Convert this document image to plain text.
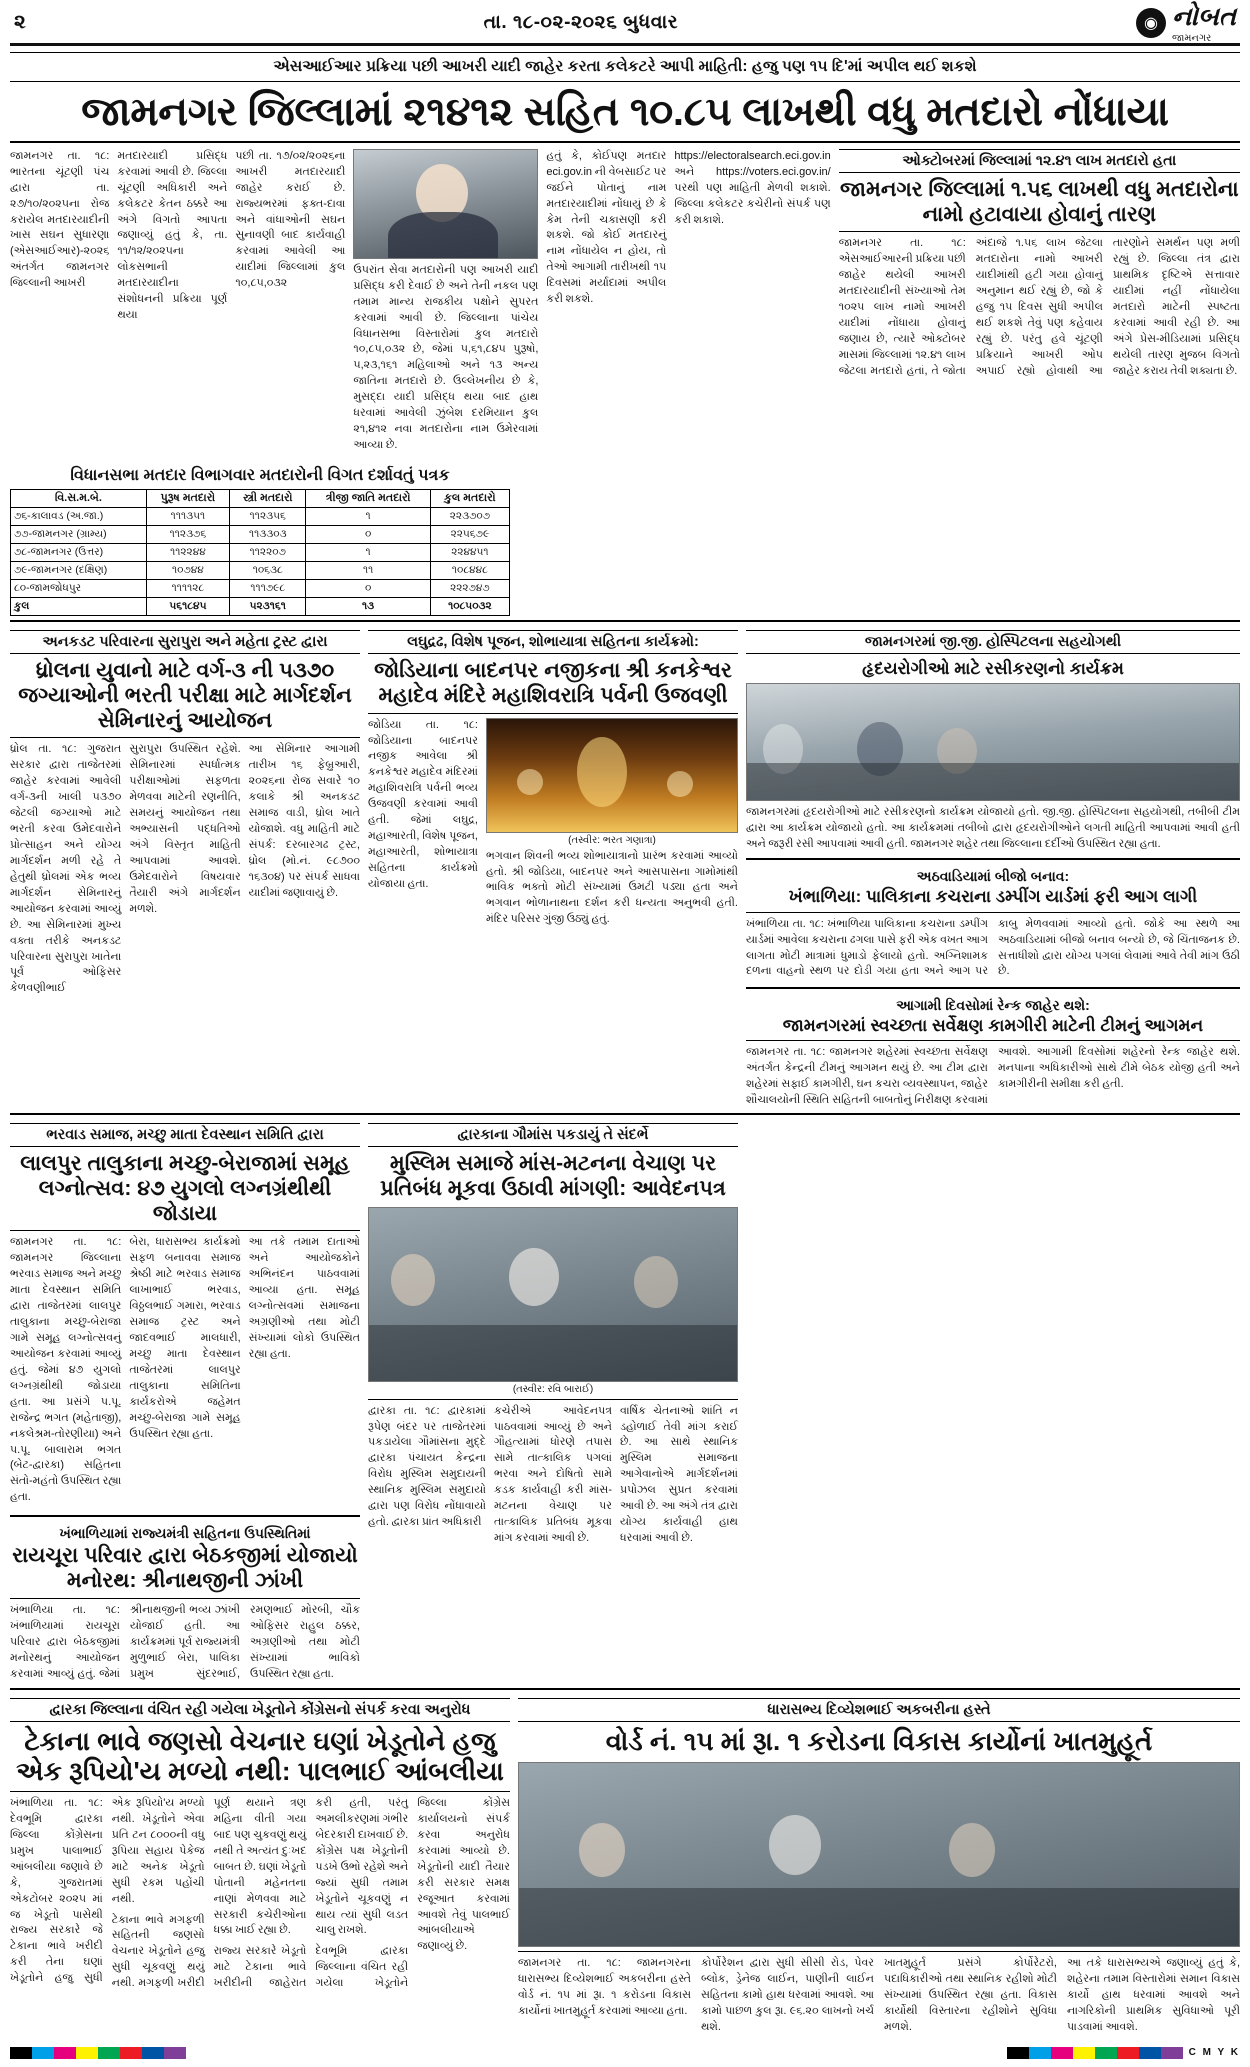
૨	તા. ૧૮-૦૨-૨૦૨૬ બુધવાર	◉ નોબત
જામનગર
એસઆઈઆર પ્રક્રિયા પછી આખરી યાદી જાહેર કરતા કલેકટરે આપી માહિતી: હજુ પણ ૧૫ દિ'માં અપીલ થઈ શકશે
જામનગર જિલ્લામાં ૨૧૪૧૨ સહિત ૧૦.૮૫ લાખથી વધુ મતદારો નોંધાયા

જામનગર તા. ૧૮: ભારતના ચૂંટણી પંચ દ્વારા તા. ૨૭/૧૦/૨૦૨૫ના રોજ કરાયેલ મતદારયાદીની ખાસ સઘન સુધારણા (એસઆઈઆર)-૨૦૨૬ અંતર્ગત જામનગર જિલ્લાની આખરી

મતદારયાદી પ્રસિદ્ધ કરવામાં આવી છે. જિલ્લા ચૂંટણી અધિકારી અને કલેકટર કેતન ઠક્કરે આ અંગે વિગતો આપતા જણાવ્યું હતું કે, તા. ૧૧/૧૨/૨૦૨૫ના લોકસભાની મતદારયાદીના સંશોધનની પ્રક્રિયા પૂર્ણ થયા

પછી તા. ૧૭/૦૨/૨૦૨૬ના આખરી મતદારયાદી જાહેર કરાઈ છે. રાજ્યભરમાં ફક્ત-દાવા અને વાંધાઓની સઘન સુનાવણી બાદ કાર્યવાહી કરવામાં આવેલી આ યાદીમાં જિલ્લામાં કુલ ૧૦,૮૫,૦૩૨

ઉપરાંત સેવા મતદારોની પણ આખરી યાદી પ્રસિદ્ધ કરી દેવાઈ છે અને તેની નકલ પણ તમામ માન્ય રાજકીય પક્ષોને સુપરત કરવામાં આવી છે. જિલ્લાના પાંચેય વિધાનસભા વિસ્તારોમાં કુલ મતદારો ૧૦,૮૫,૦૩૨ છે, જેમાં ૫,૬૧,૮૪૫ પુરૂષો, ૫,૨૩,૧૬૧ મહિલાઓ અને ૧૩ અન્ય જાતિના મતદારો છે. ઉલ્લેખનીય છે કે, મુસદ્દા યાદી પ્રસિદ્ધ થયા બાદ હાથ ધરવામાં આવેલી ઝુંબેશ દરમિયાન કુલ ૨૧,૪૧૨ નવા મતદારોના નામ ઉમેરવામાં આવ્યા છે.

હતું કે, કોઈપણ મતદાર eci.gov.in ની વેબસાઈટ પર જઈને પોતાનું નામ મતદારયાદીમાં નોંધાયું છે કે કેમ તેની ચકાસણી કરી શકશે. જો કોઈ મતદારનું નામ નોંધાયેલ ન હોય, તો તેઓ આગામી તારીખથી ૧૫ દિવસમાં મર્યાદામાં અપીલ કરી શકશે.

https://electoralsearch.eci.gov.in અને https://voters.eci.gov.in/ પરથી પણ માહિતી મેળવી શકાશે. જિલ્લા કલેકટર કચેરીનો સંપર્ક પણ કરી શકાશે.

ઓક્ટોબરમાં જિલ્લામાં ૧૨.૪૧ લાખ મતદારો હતા
જામનગર જિલ્લામાં ૧.૫૬ લાખથી વધુ મતદારોના નામો હટાવાયા હોવાનું તારણ

જામનગર તા. ૧૮: એસઆઈઆરની પ્રક્રિયા પછી જાહેર થયેલી આખરી મતદારયાદીની સંખ્યાઓ તેમ ૧૦૨૫ લાખ નામો આખરી યાદીમાં નોંધાયા હોવાનું જણાય છે, ત્યારે ઓક્ટોબર માસમાં જિલ્લામાં ૧૨.૪૧ લાખ જેટલા મતદારો હતાં, તે જોતા અંદાજે ૧.૫૬ લાખ જેટલા મતદારોના નામો આખરી યાદીમાંથી હટી ગયા હોવાનું અનુમાન થઈ રહ્યું છે, જો કે હજુ ૧૫ દિવસ સુધી અપીલ થઈ શકશે તેવું પણ કહેવાય રહ્યું છે. પરંતુ હવે ચૂંટણી પ્રક્રિયાને આખરી ઓપ અપાઈ રહ્યો હોવાથી આ તારણોને સમર્થન પણ મળી રહ્યું છે. જિલ્લા તંત્ર દ્વારા પ્રાથમિક દૃષ્ટિએ સત્તાવાર યાદીમાં નહીં નોંધાયેલા મતદારો માટેની સ્પષ્ટતા કરવામાં આવી રહી છે. આ અંગે પ્રેસ-મીડિયામાં પ્રસિદ્ધ થયેલી તારણ મુજબ વિગતો જાહેર કરાય તેવી શક્યતા છે.

વિધાનસભા મતદાર વિભાગવાર મતદારોની વિગત દર્શાવતું પત્રક
વિ.સ.મ.બે.	પુરૂષ મતદારો	સ્ત્રી મતદારો	ત્રીજી જાતિ મતદારો	કુલ મતદારો
૭૬-કાલાવડ (અ.જા.)	૧૧૧૩૫૧	૧૧૨૩૫૬	૧	૨૨૩૭૦૭
૭૭-જામનગર (ગ્રામ્ય)	૧૧૨૩૭૬	૧૧૩૩૦૩	૦	૨૨૫૬૭૯
૭૮-જામનગર (ઉત્તર)	૧૧૨૨૪૪	૧૧૨૨૦૭	૧	૨૨૪૪૫૧
૭૯-જામનગર (દક્ષિણ)	૧૦૭૪૪	૧૦૬૩૮	૧૧	૧૦૮૪૪૮
૮૦-જામજોધપુર	૧૧૧૧૨૮	૧૧૧૭૯૮	૦	૨૨૨૭૪૭
કુલ	૫૬૧૮૪૫	૫૨૩૧૬૧	૧૩	૧૦૮૫૦૩૨
અનકડટ પરિવારના સુરાપુરા અને મહેતા ટ્રસ્ટ દ્વારા
ધ્રોલના યુવાનો માટે વર્ગ-૩ ની ૫૩૭૦ જગ્યાઓની ભરતી પરીક્ષા માટે માર્ગદર્શન સેમિનારનું આયોજન

ધ્રોલ તા. ૧૮: ગુજરાત સરકાર દ્વારા તાજેતરમાં જાહેર કરવામાં આવેલી વર્ગ-૩ની ખાલી ૫૩૭૦ જેટલી જગ્યાઓ માટે ભરતી કરવા ઉમેદવારોને પ્રોત્સાહન અને યોગ્ય માર્ગદર્શન મળી રહે તે હેતુથી ધ્રોલમાં એક ભવ્ય માર્ગદર્શન સેમિનારનું આયોજન કરવામાં આવ્યું છે. આ સેમિનારમાં મુખ્ય વક્તા તરીકે અનકડટ પરિવારના સુરાપુરા ખાતેના પૂર્વ ઓફિસર કેળવણીભાઈ

સુરાપુરા ઉપસ્થિત રહેશે. સેમિનારમાં સ્પર્ધાત્મક પરીક્ષાઓમાં સફળતા મેળવવા માટેની રણનીતિ, સમયનું આયોજન તથા અભ્યાસની પદ્ધતિઓ અંગે વિસ્તૃત માહિતી આપવામાં આવશે. ઉમેદવારોને વિષયવાર તૈયારી અંગે માર્ગદર્શન મળશે.

આ સેમિનાર આગામી તારીખ ૧૬ ફેબ્રુઆરી, ૨૦૨૬ના રોજ સવારે ૧૦ કલાકે શ્રી અનકડટ સમાજ વાડી, ધ્રોલ ખાતે યોજાશે. વધુ માહિતી માટે સંપર્ક: દરબારગઢ ટ્રસ્ટ, ધ્રોલ (મો.નં. ૯૮૭૦૦ ૧૬૩૦૪) પર સંપર્ક સાધવા યાદીમાં જણાવાયું છે.

લઘુદ્રઢ, વિશેષ પૂજન, શોભાયાત્રા સહિતના કાર્યક્રમો:
જોડિયાના બાદનપર નજીકના શ્રી કનકેશ્વર મહાદેવ મંદિરે મહાશિવરાત્રિ પર્વની ઉજવણી

જોડિયા તા. ૧૮: જોડિયાના બાદનપર નજીક આવેલા શ્રી કનકેશ્વર મહાદેવ મંદિરમાં મહાશિવરાત્રિ પર્વની ભવ્ય ઉજવણી કરવામાં આવી હતી. જેમાં લઘુદ્ર, મહાઆરતી, વિશેષ પૂજન, મહાઆરતી, શોભાયાત્રા સહિતના કાર્યક્રમો યોજાયા હતા.

(તસ્વીર: ભરત ગણાત્રા)

ભગવાન શિવની ભવ્ય શોભાયાત્રાનો પ્રારંભ કરવામાં આવ્યો હતો. શ્રી જોડિયા, બાદનપર અને આસપાસના ગામોમાંથી ભાવિક ભક્તો મોટી સંખ્યામાં ઉમટી પડ્યા હતા અને ભગવાન ભોળાનાથના દર્શન કરી ધન્યતા અનુભવી હતી. મંદિર પરિસર ગુંજી ઉઠ્યું હતું.

જામનગરમાં જી.જી. હોસ્પિટલના સહયોગથી
હૃદયરોગીઓ માટે રસીકરણનો કાર્યક્રમ

જામનગરમાં હૃદયરોગીઓ માટે રસીકરણનો કાર્યક્રમ યોજાયો હતો. જી.જી. હોસ્પિટલના સહયોગથી, તબીબી ટીમ દ્વારા આ કાર્યક્રમ યોજાયો હતો. આ કાર્યક્રમમાં તબીબો દ્વારા હૃદયરોગીઓને લગતી માહિતી આપવામાં આવી હતી અને જરૂરી રસી આપવામાં આવી હતી. જામનગર શહેર તથા જિલ્લાના દર્દીઓ ઉપસ્થિત રહ્યા હતા.

અઠવાડિયામાં બીજો બનાવ:
ખંભાળિયા: પાલિકાના કચરાના ડમ્પીંગ યાર્ડમાં ફરી આગ લાગી

ખંભાળિયા તા. ૧૮: ખંભાળિયા પાલિકાના કચરાના ડમ્પીંગ યાર્ડમાં આવેલા કચરાના ઢગલા પાસે ફરી એક વખત આગ લાગતા મોટી માત્રામાં ધુમાડો ફેલાયો હતો. અગ્નિશામક દળના વાહનો સ્થળ પર દોડી ગયા હતા અને આગ પર કાબુ મેળવવામાં આવ્યો હતો. જોકે આ સ્થળે આ અઠવાડિયામાં બીજો બનાવ બન્યો છે, જે ચિંતાજનક છે. સત્તાધીશો દ્વારા યોગ્ય પગલાં લેવામાં આવે તેવી માંગ ઉઠી છે.

આગામી દિવસોમાં રેન્ક જાહેર થશે:
જામનગરમાં સ્વચ્છતા સર્વેક્ષણ કામગીરી માટેની ટીમનું આગમન

જામનગર તા. ૧૮: જામનગર શહેરમાં સ્વચ્છતા સર્વેક્ષણ અંતર્ગત કેન્દ્રની ટીમનું આગમન થયું છે. આ ટીમ દ્વારા શહેરમાં સફાઈ કામગીરી, ઘન કચરા વ્યવસ્થાપન, જાહેર શૌચાલયોની સ્થિતિ સહિતની બાબતોનું નિરીક્ષણ કરવામાં આવશે. આગામી દિવસોમાં શહેરનો રેન્ક જાહેર થશે. મનપાના અધિકારીઓ સાથે ટીમે બેઠક યોજી હતી અને કામગીરીની સમીક્ષા કરી હતી.

ભરવાડ સમાજ, મચ્છુ માતા દેવસ્થાન સમિતિ દ્વારા
લાલપુર તાલુકાના મચ્છુ-બેરાજામાં સમૂહ લગ્નોત્સવ: ૪૭ યુગલો લગ્નગ્રંથીથી જોડાયા

જામનગર તા. ૧૮: જામનગર જિલ્લાના ભરવાડ સમાજ અને મચ્છુ માતા દેવસ્થાન સમિતિ દ્વારા તાજેતરમાં લાલપુર તાલુકાના મચ્છુ-બેરાજા ગામે સમૂહ લગ્નોત્સવનું આયોજન કરવામાં આવ્યું હતું. જેમાં ૪૭ યુગલો લગ્નગ્રંથીથી જોડાયા હતા. આ પ્રસંગે પ.પૂ. રાજેન્દ્ર ભગત (મહેતાજી), નકલેશ્રમ-તોરણીયા) અને પ.પૂ. બાલારામ ભગત (બેટ-દ્વારકા) સહિતના સંતો-મહંતો ઉપસ્થિત રહ્યા હતા.

બેરા, ધારાસભ્ય કાર્યક્રમો સફળ બનાવવા સમાજ શ્રેષ્ઠી માટે ભરવાડ સમાજ લાખાભાઈ ભરવાડ, વિઠ્ઠલભાઈ ગમારા, ભરવાડ સમાજ ટ્રસ્ટ અને જાદવભાઈ માલધારી, મચ્છુ માતા દેવસ્થાન તાજેતરમાં લાલપુર તાલુકાના સમિતિના કાર્યકરોએ જહેમત મચ્છુ-બેરાજા ગામે સમૂહ ઉપસ્થિત રહ્યા હતા.

આ તકે તમામ દાતાઓ અને આયોજકોને અભિનંદન પાઠવવામાં આવ્યા હતા. સમૂહ લગ્નોત્સવમાં સમાજના અગ્રણીઓ તથા મોટી સંખ્યામાં લોકો ઉપસ્થિત રહ્યા હતા.

ખંભાળિયામાં રાજ્યમંત્રી સહિતના ઉપસ્થિતિમાં
રાયચૂરા પરિવાર દ્વારા બેઠકજીમાં યોજાયો મનોરથ: શ્રીનાથજીની ઝાંખી

ખંભાળિયા તા. ૧૮: ખંભાળિયામાં રાયચૂરા પરિવાર દ્વારા બેઠકજીમાં મનોરથનું આયોજન કરવામાં આવ્યું હતું. જેમાં શ્રીનાથજીની ભવ્ય ઝાંખી યોજાઈ હતી. આ કાર્યક્રમમાં પૂર્વ રાજ્યમંત્રી મુળુભાઈ બેરા, પાલિકા પ્રમુખ સુંદરભાઈ, રમણભાઈ મોરબી, ચૌક ઓફિસર રાહુલ ઠક્કર, અગ્રણીઓ તથા મોટી સંખ્યામાં ભાવિકો ઉપસ્થિત રહ્યા હતા.

દ્વારકાના ગૌમાંસ પકડાયું તે સંદર્ભે
મુસ્લિમ સમાજે માંસ-મટનના વેચાણ પર પ્રતિબંધ મૂકવા ઉઠાવી માંગણી: આવેદનપત્ર
(તસ્વીર: રવિ બારાઈ)

દ્વારકા તા. ૧૮: દ્વારકામાં રૂપેણ બંદર પર તાજેતરમાં પકડાયેલા ગૌમાંસના મુદ્દે દ્વારકા પંચાયત કેન્દ્રના વિરોધ મુસ્લિમ સમુદાયની સ્થાનિક મુસ્લિમ સમુદાયો દ્વારા પણ વિરોધ નોંધાવાયો હતો. દ્વારકા પ્રાંત અધિકારી

કચેરીએ આવેદનપત્ર પાઠવવામાં આવ્યું છે અને ગૌહત્યામાં ધોરણે તપાસ સામે તાત્કાલિક પગલાં ભરવા અને દોષિતો સામે કડક કાર્યવાહી કરી માંસ-મટનના વેચાણ પર તાત્કાલિક પ્રતિબંધ મૂકવા માંગ કરવામાં આવી છે.

વાર્ષિક ચેતનાઓ શાંતિ ન ડહોળાઈ તેવી માંગ કરાઈ છે. આ સાથે સ્થાનિક મુસ્લિમ સમાજના આગેવાનોએ માર્ગદર્શનમાં પ્રપોઝલ સુપ્રત કરવામાં આવી છે. આ અંગે તંત્ર દ્વારા યોગ્ય કાર્યવાહી હાથ ધરવામાં આવી છે.

દ્વારકા જિલ્લાના વંચિત રહી ગયેલા ખેડૂતોને કોંગ્રેસનો સંપર્ક કરવા અનુરોધ
ટેકાના ભાવે જણસો વેચનાર ઘણાં ખેડૂતોને હજુ એક રૂપિયો'ય મળ્યો નથી: પાલભાઈ આંબલીયા

ખંભાળિયા તા. ૧૮: દેવભૂમિ દ્વારકા જિલ્લા કોંગ્રેસના પ્રમુખ પાલાભાઈ આંબલીયા જણાવે છે કે, ગુજરાતમાં એકટોબર ૨૦૨૫ માં જ ખેડૂતો પાસેથી રાજ્ય સરકારે જે ટેકાના ભાવે ખરીદી કરી તેના ઘણાં ખેડૂતોને હજુ સુધી એક રૂપિયો'ય મળ્યો નથી. ખેડૂતોને એવા પ્રતિ ટન ૮૦૦૦ની વધુ રૂપિયા સહાય પેકેજ માટે અનેક ખેડૂતો સુધી રકમ પહોંચી નથી.

ટેકાના ભાવે મગફળી સહિતની જણસો વેચનાર ખેડૂતોને હજુ સુધી ચૂકવણું થયું નથી. મગફળી ખરીદી પૂર્ણ થયાને ત્રણ મહિના વીતી ગયા બાદ પણ ચુકવણું થયું નથી તે અત્યંત દુઃખદ બાબત છે. ઘણાં ખેડૂતો પોતાની મહેનતના નાણાં મેળવવા માટે સરકારી કચેરીઓના ધક્કા ખાઈ રહ્યા છે.

રાજ્ય સરકારે ખેડૂતો માટે ટેકાના ભાવે ખરીદીની જાહેરાત કરી હતી, પરંતુ અમલીકરણમાં ગંભીર બેદરકારી દાખવાઈ છે. કોંગ્રેસ પક્ષ ખેડૂતોની પડખે ઉભો રહેશે અને જ્યાં સુધી તમામ ખેડૂતોને ચૂકવણું ન થાય ત્યાં સુધી લડત ચાલુ રાખશે.

દેવભૂમિ દ્વારકા જિલ્લાના વંચિત રહી ગયેલા ખેડૂતોને જિલ્લા કોંગ્રેસ કાર્યાલયનો સંપર્ક કરવા અનુરોધ કરવામાં આવ્યો છે. ખેડૂતોની યાદી તૈયાર કરી સરકાર સમક્ષ રજૂઆત કરવામાં આવશે તેવું પાલભાઈ આંબલીયાએ જણાવ્યું છે.

ધારાસભ્ય દિવ્યેશભાઈ અકબરીના હસ્તે
વોર્ડ નં. ૧૫ માં રૂા. ૧ કરોડના વિકાસ કાર્યોનાં ખાતમુહૂર્ત

જામનગર તા. ૧૮: જામનગરના ધારાસભ્ય દિવ્યેશભાઈ અકબરીના હસ્તે વોર્ડ નં. ૧૫ માં રૂા. ૧ કરોડના વિકાસ કાર્યોનાં ખાતમુહૂર્ત કરવામાં આવ્યા હતા.

કોર્પોરેશન દ્વારા સુધી સીસી રોડ, પેવર બ્લોક, ડ્રેનેજ લાઈન, પાણીની લાઈન સહિતના કામો હાથ ધરવામાં આવશે. આ કામો પાછળ કુલ રૂા. ૯૬.૨૦ લાખનો ખર્ચ થશે.

ખાતમુહૂર્ત પ્રસંગે કોર્પોરેટરો, પદાધિકારીઓ તથા સ્થાનિક રહીશો મોટી સંખ્યામાં ઉપસ્થિત રહ્યા હતા. વિકાસ કાર્યોથી વિસ્તારના રહીશોને સુવિધા મળશે.

આ તકે ધારાસભ્યએ જણાવ્યું હતું કે, શહેરના તમામ વિસ્તારોમાં સમાન વિકાસ કાર્યો હાથ ધરવામાં આવશે અને નાગરિકોની પ્રાથમિક સુવિધાઓ પૂરી પાડવામાં આવશે.

C M Y K
